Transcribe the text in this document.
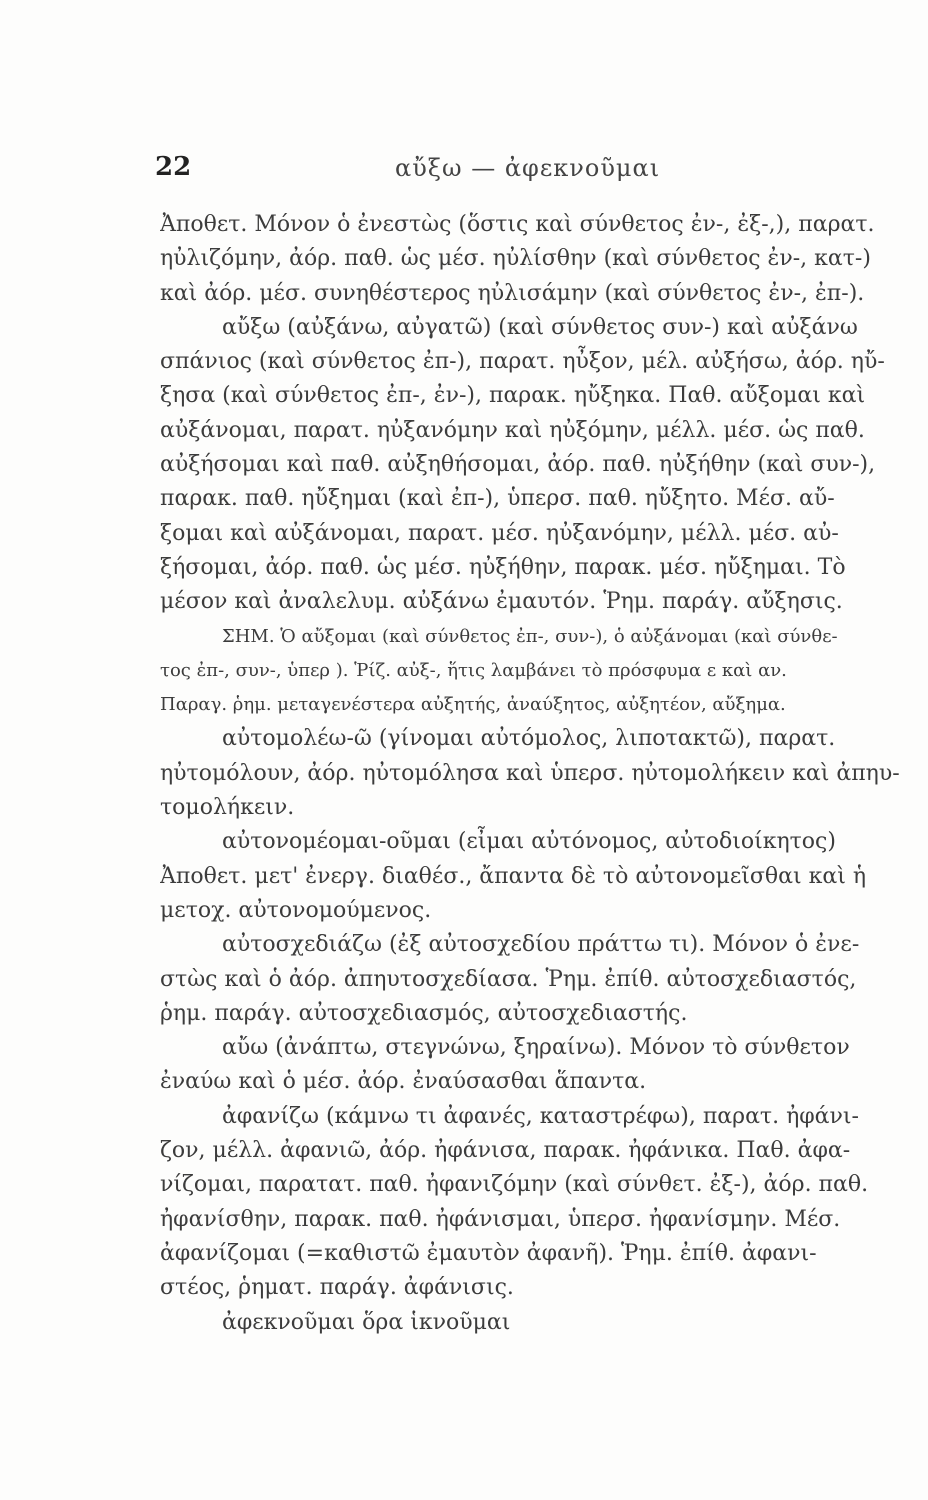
22	αὔξω — ἀφεκνοῦμαι
Ἀποθετ. Μόνον ὁ ἐνεστὼς (ὅστις καὶ σύνθετος ἐν-, ἐξ-,), παρατ.
ηὐλιζόμην, ἀόρ. παθ. ὡς μέσ. ηὐλίσθην (καὶ σύνθετος ἐν-, κατ-)
καὶ ἀόρ. μέσ. συνηθέστερος ηὐλισάμην (καὶ σύνθετος ἐν-, ἐπ-).
αὔξω (αὐξάνω, αὐγατῶ) (καὶ σύνθετος συν-) καὶ αὐξάνω
σπάνιος (καὶ σύνθετος ἐπ-), παρατ. ηὖξον, μέλ. αὐξήσω, ἀόρ. ηὔ-
ξησα (καὶ σύνθετος ἐπ-, ἐν-), παρακ. ηὔξηκα. Παθ. αὔξομαι καὶ
αὐξάνομαι, παρατ. ηὐξανόμην καὶ ηὐξόμην, μέλλ. μέσ. ὡς παθ.
αὐξήσομαι καὶ παθ. αὐξηθήσομαι, ἀόρ. παθ. ηὐξήθην (καὶ συν-),
παρακ. παθ. ηὔξημαι (καὶ ἐπ-), ὑπερσ. παθ. ηὔξητο. Μέσ. αὔ-
ξομαι καὶ αὐξάνομαι, παρατ. μέσ. ηὐξανόμην, μέλλ. μέσ. αὐ-
ξήσομαι, ἀόρ. παθ. ὡς μέσ. ηὐξήθην, παρακ. μέσ. ηὔξημαι. Τὸ
μέσον καὶ ἀναλελυμ. αὐξάνω ἐμαυτόν. Ῥημ. παράγ. αὔξησις.
ΣΗΜ. Ὁ αὔξομαι (καὶ σύνθετος ἐπ-, συν-), ὁ αὐξάνομαι (καὶ σύνθε-
τος ἐπ-, συν-, ὑπερ ). Ῥίζ. αὐξ-, ἥτις λαμβάνει τὸ πρόσφυμα ε καὶ αν.
Παραγ. ῥημ. μεταγενέστερα αὐξητής, ἀναύξητος, αὐξητέον, αὔξημα.
αὐτομολέω-ῶ (γίνομαι αὐτόμολος, λιποτακτῶ), παρατ.
ηὐτομόλουν, ἀόρ. ηὐτομόλησα καὶ ὑπερσ. ηὐτομολήκειν καὶ ἀπηυ-
τομολήκειν.
αὐτονομέομαι-οῦμαι (εἶμαι αὐτόνομος, αὐτοδιοίκητος)
Ἀποθετ. μετ' ἐνεργ. διαθέσ., ἄπαντα δὲ τὸ αὐτονομεῖσθαι καὶ ἡ
μετοχ. αὐτονομούμενος.
αὐτοσχεδιάζω (ἐξ αὐτοσχεδίου πράττω τι). Μόνον ὁ ἐνε-
στὼς καὶ ὁ ἀόρ. ἀπηυτοσχεδίασα. Ῥημ. ἐπίθ. αὐτοσχεδιαστός,
ῥημ. παράγ. αὐτοσχεδιασμός, αὐτοσχεδιαστής.
αὔω (ἀνάπτω, στεγνώνω, ξηραίνω). Μόνον τὸ σύνθετον
ἐναύω καὶ ὁ μέσ. ἀόρ. ἐναύσασθαι ἅπαντα.
ἀφανίζω (κάμνω τι ἀφανές, καταστρέφω), παρατ. ἠφάνι-
ζον, μέλλ. ἀφανιῶ, ἀόρ. ἠφάνισα, παρακ. ἠφάνικα. Παθ. ἀφα-
νίζομαι, παρατατ. παθ. ἠφανιζόμην (καὶ σύνθετ. ἐξ-), ἀόρ. παθ.
ἠφανίσθην, παρακ. παθ. ἠφάνισμαι, ὑπερσ. ἠφανίσμην. Μέσ.
ἀφανίζομαι (=καθιστῶ ἐμαυτὸν ἀφανῆ). Ῥημ. ἐπίθ. ἀφανι-
στέος, ῥηματ. παράγ. ἀφάνισις.
ἀφεκνοῦμαι ὅρα ἱκνοῦμαι
